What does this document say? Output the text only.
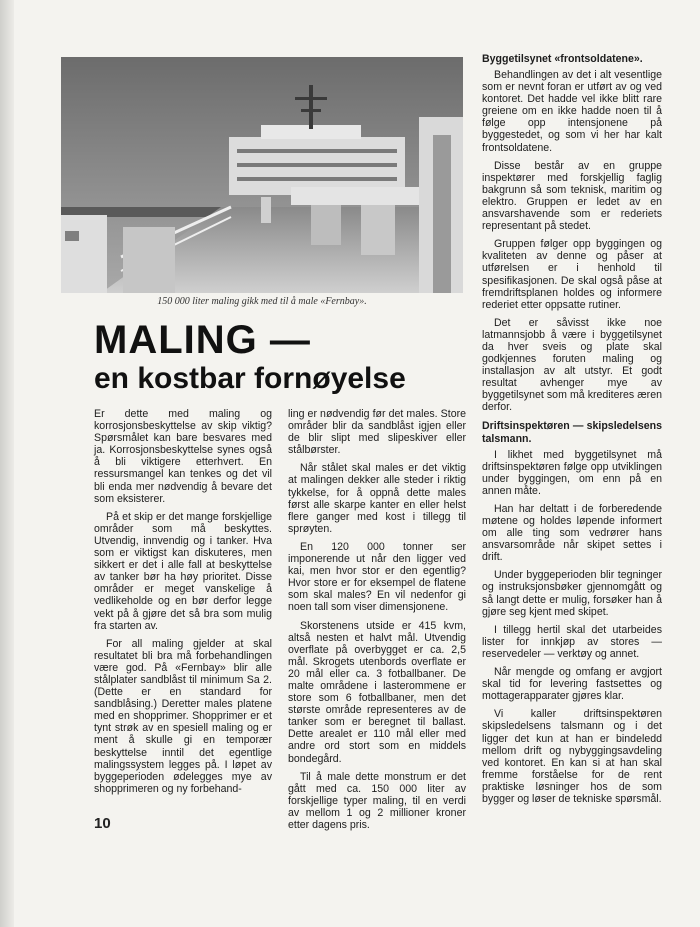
150 000 liter maling gikk med til å male «Fernbay».
MALING —
en kostbar fornøyelse

Er dette med maling og korrosjonsbeskyttelse av skip viktig? Spørsmålet kan bare besvares med ja. Korrosjonsbeskyttelse synes også å bli viktigere etterhvert. En ressursmangel kan tenkes og det vil bli enda mer nødvendig å bevare det som eksisterer.

På et skip er det mange forskjellige områder som må beskyttes. Utvendig, innvendig og i tanker. Hva som er viktigst kan diskuteres, men sikkert er det i alle fall at beskyttelse av tanker bør ha høy prioritet. Disse områder er meget vanskelige å vedlikeholde og en bør derfor legge vekt på å gjøre det så bra som mulig fra starten av.

For all maling gjelder at skal resultatet bli bra må forbehandlingen være god. På «Fernbay» blir alle stålplater sandblåst til minimum Sa 2. (Dette er en standard for sandblåsing.) Deretter males platene med en shopprimer. Shopprimer er et tynt strøk av en spesiell maling og er ment å skulle gi en temporær beskyttelse inntil det egentlige malingssystem legges på. I løpet av byggeperioden ødelegges mye av shopprimeren og ny forbehand-

ling er nødvendig før det males. Store områder blir da sandblåst igjen eller de blir slipt med slipeskiver eller stålbørster.

Når stålet skal males er det viktig at malingen dekker alle steder i riktig tykkelse, for å oppnå dette males først alle skarpe kanter en eller helst flere ganger med kost i tillegg til sprøyten.

En 120 000 tonner ser imponerende ut når den ligger ved kai, men hvor stor er den egentlig? Hvor store er for eksempel de flatene som skal males? En vil nedenfor gi noen tall som viser dimensjonene.

Skorstenens utside er 415 kvm, altså nesten et halvt mål. Utvendig overflate på overbygget er ca. 2,5 mål. Skrogets utenbords overflate er 20 mål eller ca. 3 fotballbaner. De malte områdene i lasterommene er store som 6 fotballbaner, men det største område representeres av de tanker som er beregnet til ballast. Dette arealet er 110 mål eller med andre ord stort som en middels bondegård.

Til å male dette monstrum er det gått med ca. 150 000 liter av forskjellige typer maling, til en verdi av mellom 1 og 2 millioner kroner etter dagens pris.

Byggetilsynet «frontsoldatene».

Behandlingen av det i alt vesentlige som er nevnt foran er utført av og ved kontoret. Det hadde vel ikke blitt rare greiene om en ikke hadde noen til å følge opp intensjonene på byggestedet, og som vi her har kalt frontsoldatene.

Disse består av en gruppe inspektører med forskjellig faglig bakgrunn så som teknisk, maritim og elektro. Gruppen er ledet av en ansvarshavende som er rederiets representant på stedet.

Gruppen følger opp byggingen og kvaliteten av denne og påser at utførelsen er i henhold til spesifikasjonen. De skal også påse at fremdriftsplanen holdes og informere rederiet etter oppsatte rutiner.

Det er såvisst ikke noe latmannsjobb å være i byggetilsynet da hver sveis og plate skal godkjennes foruten maling og installasjon av alt utstyr. Et godt resultat avhenger mye av byggetilsynet som må krediteres æren derfor.

Driftsinspektøren — skipsledelsens talsmann.

I likhet med byggetilsynet må driftsinspektøren følge opp utviklingen under byggingen, om enn på en annen måte.

Han har deltatt i de forberedende møtene og holdes løpende informert om alle ting som vedrører hans ansvarsområde når skipet settes i drift.

Under byggeperioden blir tegninger og instruksjonsbøker gjennomgått og så langt dette er mulig, forsøker han å gjøre seg kjent med skipet.

I tillegg hertil skal det utarbeides lister for innkjøp av stores — reservedeler — verktøy og annet.

Når mengde og omfang er avgjort skal tid for levering fastsettes og mottagerapparater gjøres klar.

Vi kaller driftsinspektøren skipsledelsens talsmann og i det ligger det kun at han er bindeledd mellom drift og nybyggingsavdeling ved kontoret. En kan si at han skal fremme forståelse for de rent praktiske løsninger hos de som bygger og løser de tekniske spørsmål.

10
